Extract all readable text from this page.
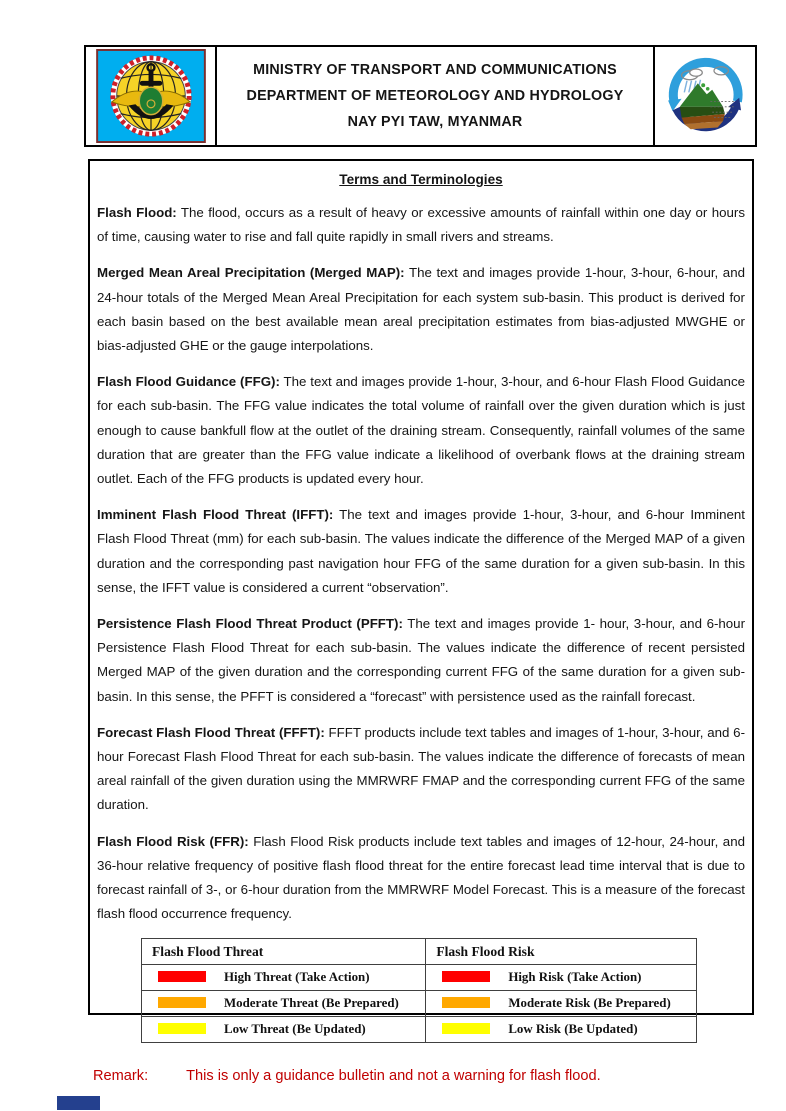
MINISTRY OF TRANSPORT AND COMMUNICATIONS
DEPARTMENT OF METEOROLOGY AND HYDROLOGY
NAY PYI TAW, MYANMAR
Terms and Terminologies

Flash Flood: The flood, occurs as a result of heavy or excessive amounts of rainfall within one day or hours of time, causing water to rise and fall quite rapidly in small rivers and streams.

Merged Mean Areal Precipitation (Merged MAP): The text and images provide 1-hour, 3-hour, 6-hour, and 24-hour totals of the Merged Mean Areal Precipitation for each system sub-basin. This product is derived for each basin based on the best available mean areal precipitation estimates from bias-adjusted MWGHE or bias-adjusted GHE or the gauge interpolations.

Flash Flood Guidance (FFG): The text and images provide 1-hour, 3-hour, and 6-hour Flash Flood Guidance for each sub-basin. The FFG value indicates the total volume of rainfall over the given duration which is just enough to cause bankfull flow at the outlet of the draining stream. Consequently, rainfall volumes of the same duration that are greater than the FFG value indicate a likelihood of overbank flows at the draining stream outlet. Each of the FFG products is updated every hour.

Imminent Flash Flood Threat (IFFT): The text and images provide 1-hour, 3-hour, and 6-hour Imminent Flash Flood Threat (mm) for each sub-basin. The values indicate the difference of the Merged MAP of a given duration and the corresponding past navigation hour FFG of the same duration for a given sub-basin. In this sense, the IFFT value is considered a current “observation”.

Persistence Flash Flood Threat Product (PFFT): The text and images provide 1- hour, 3-hour, and 6-hour Persistence Flash Flood Threat for each sub-basin. The values indicate the difference of recent persisted Merged MAP of the given duration and the corresponding current FFG of the same duration for a given sub-basin. In this sense, the PFFT is considered a “forecast” with persistence used as the rainfall forecast.

Forecast Flash Flood Threat (FFFT): FFFT products include text tables and images of 1-hour, 3-hour, and 6-hour Forecast Flash Flood Threat for each sub-basin. The values indicate the difference of forecasts of mean areal rainfall of the given duration using the MMRWRF FMAP and the corresponding current FFG of the same duration.

Flash Flood Risk (FFR): Flash Flood Risk products include text tables and images of 12-hour, 24-hour, and 36-hour relative frequency of positive flash flood threat for the entire forecast lead time interval that is due to forecast rainfall of 3-, or 6-hour duration from the MMRWRF Model Forecast. This is a measure of the forecast flash flood occurrence frequency.

Flash Flood Threat	Flash Flood Risk
High Threat (Take Action)	High Risk (Take Action)
Moderate Threat (Be Prepared)	Moderate Risk (Be Prepared)
Low Threat (Be Updated)	Low Risk (Be Updated)
Remark:	This is only a guidance bulletin and not a warning for flash flood.
